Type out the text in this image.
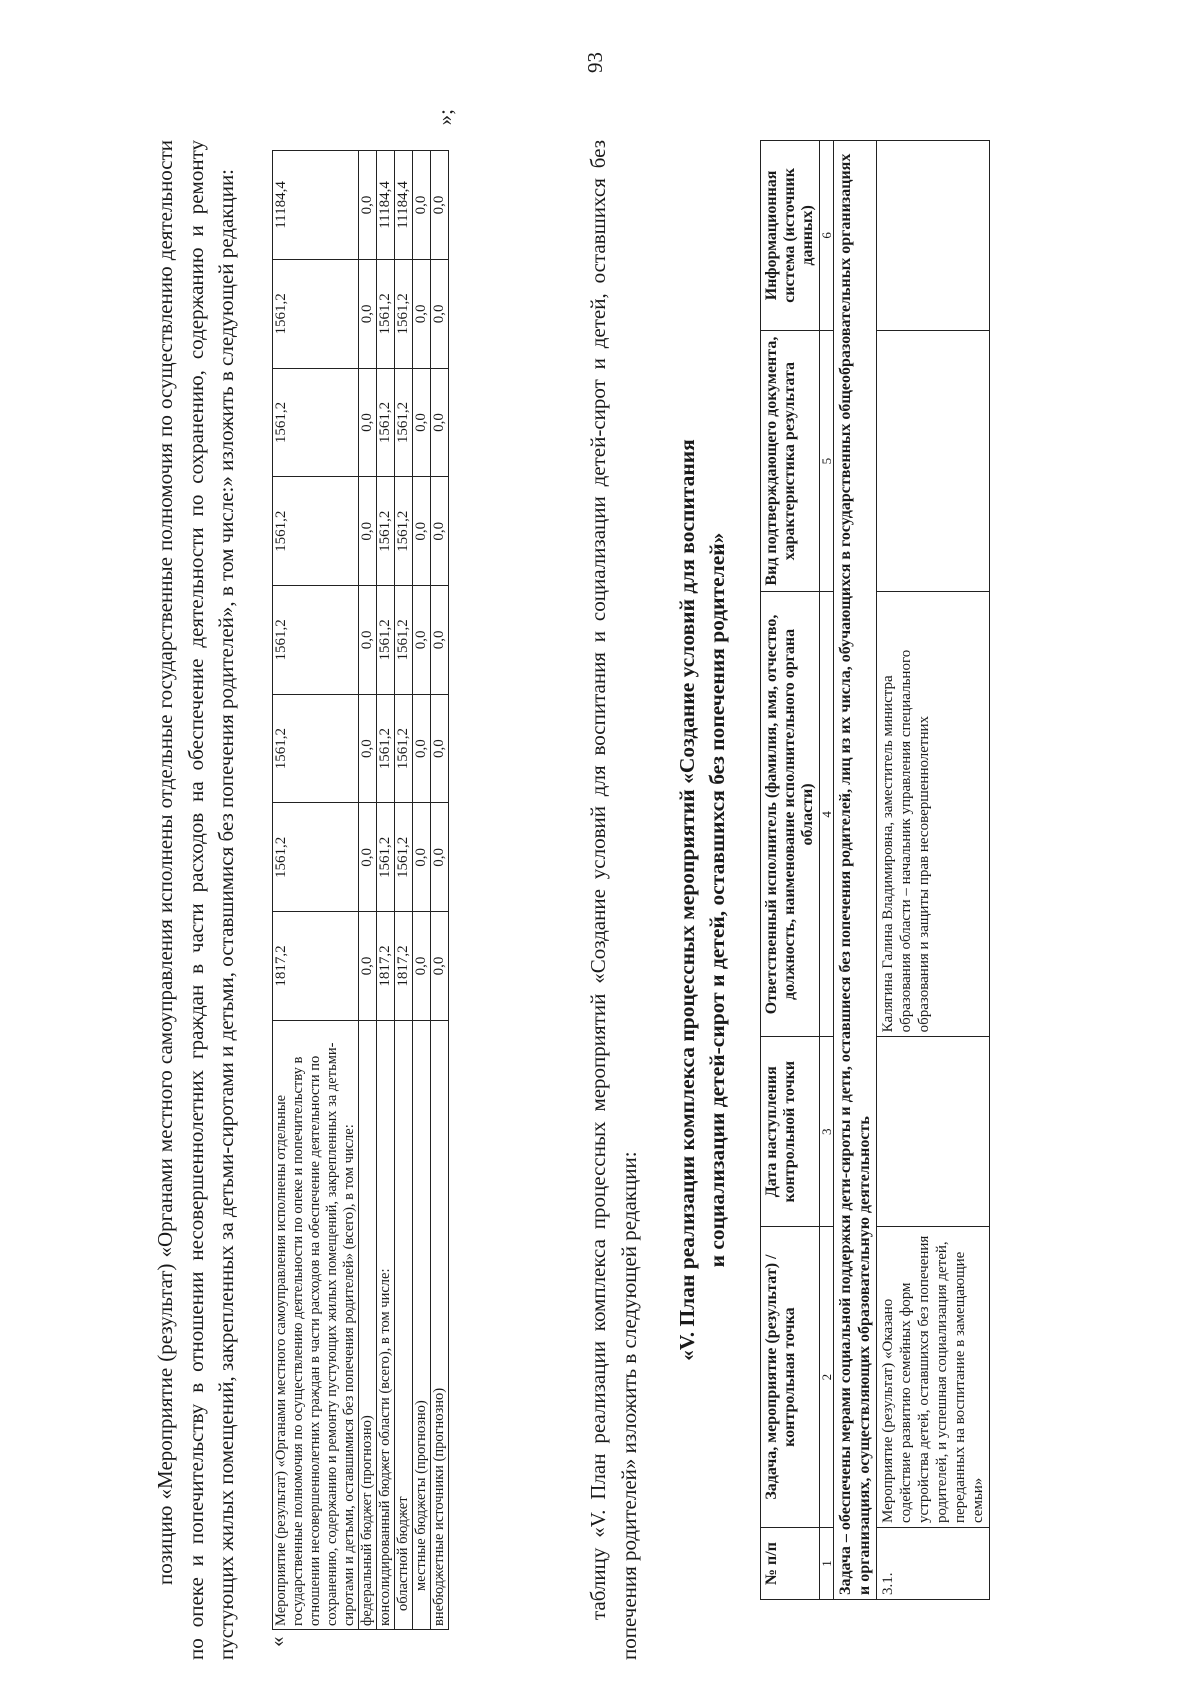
93
позицию «Мероприятие (результат) «Органами местного самоуправления исполнены отдельные государственные полномочия по осуществлению деятельности по опеке и попечительству в отношении несовершеннолетних граждан в части расходов на обеспечение деятельности по сохранению, содержанию и ремонту пустующих жилых помещений, закрепленных за детьми-сиротами и детьми, оставшимися без попечения родителей», в том числе:» изложить в следующей редакции: «
Мероприятие (результат) «Органами местного самоуправления исполнены отдельные государственные полномочия по осуществлению деятельности по опеке и попечительству в отношении несовершеннолетних граждан в части расходов на обеспечение деятельности по сохранению, содержанию и ремонту пустующих жилых помещений, закрепленных за детьми-сиротами и детьми, оставшимися без попечения родителей» (всего), в том числе:	1817,2	1561,2	1561,2	1561,2	1561,2	1561,2	1561,2	11184,4
федеральный бюджет (прогнозно)	0,0	0,0	0,0	0,0	0,0	0,0	0,0	0,0
консолидированный бюджет области (всего), в том числе:	1817,2	1561,2	1561,2	1561,2	1561,2	1561,2	1561,2	11184,4
областной бюджет	1817,2	1561,2	1561,2	1561,2	1561,2	1561,2	1561,2	11184,4
местные бюджеты (прогнозно)	0,0	0,0	0,0	0,0	0,0	0,0	0,0	0,0
внебюджетные источники (прогнозно)	0,0	0,0	0,0	0,0	0,0	0,0	0,0	0,0
»;
таблицу «V. План реализации комплекса процессных мероприятий «Создание условий для воспитания и социализации детей-сирот и детей, оставшихся без попечения родителей» изложить в следующей редакции:
«V. План реализации комплекса процессных мероприятий «Создание условий для воспитания и социализации детей-сирот и детей, оставшихся без попечения родителей»
№ п/п	Задача, мероприятие (результат) / контрольная точка	Дата наступления контрольной точки	Ответственный исполнитель (фамилия, имя, отчество, должность, наименование исполнительного органа области)	Вид подтверждающего документа, характеристика результата	Информационная система (источник данных)
1	2	3	4	5	6
Задача – обеспечены мерами социальной поддержки дети-сироты и дети, оставшиеся без попечения родителей, лиц из их числа, обучающихся в государственных общеобразовательных организациях и организациях, осуществляющих образовательную деятельность					
3.1.	Мероприятие (результат) «Оказано содействие развитию семейных форм устройства детей, оставшихся без попечения родителей, и успешная социализация детей, переданных на воспитание в замещающие семьи»		Калягина Галина Владимировна, заместитель министра образования области – начальник управления специального образования и защиты прав несовершеннолетних		
